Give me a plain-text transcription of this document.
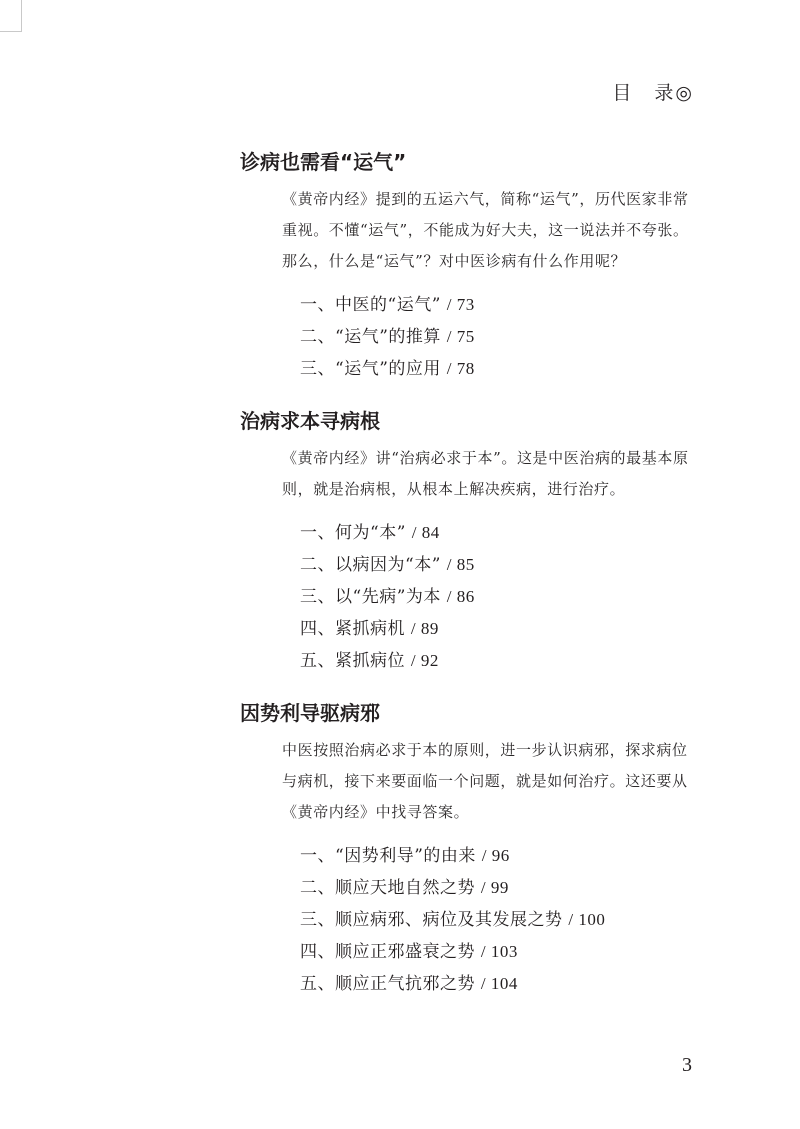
目　录◎
诊病也需看“运气”

《黄帝内经》提到的五运六气，简称“运气”，历代医家非常重视。不懂“运气”，不能成为好大夫，这一说法并不夸张。那么，什么是“运气”？对中医诊病有什么作用呢？

一、中医的“运气” / 73
二、“运气”的推算 / 75
三、“运气”的应用 / 78
治病求本寻病根

《黄帝内经》讲“治病必求于本”。这是中医治病的最基本原则，就是治病根，从根本上解决疾病，进行治疗。

一、何为“本” / 84
二、以病因为“本” / 85
三、以“先病”为本 / 86
四、紧抓病机 / 89
五、紧抓病位 / 92
因势利导驱病邪

中医按照治病必求于本的原则，进一步认识病邪，探求病位与病机，接下来要面临一个问题，就是如何治疗。这还要从《黄帝内经》中找寻答案。

一、“因势利导”的由来 / 96
二、顺应天地自然之势 / 99
三、顺应病邪、病位及其发展之势 / 100
四、顺应正邪盛衰之势 / 103
五、顺应正气抗邪之势 / 104
3
